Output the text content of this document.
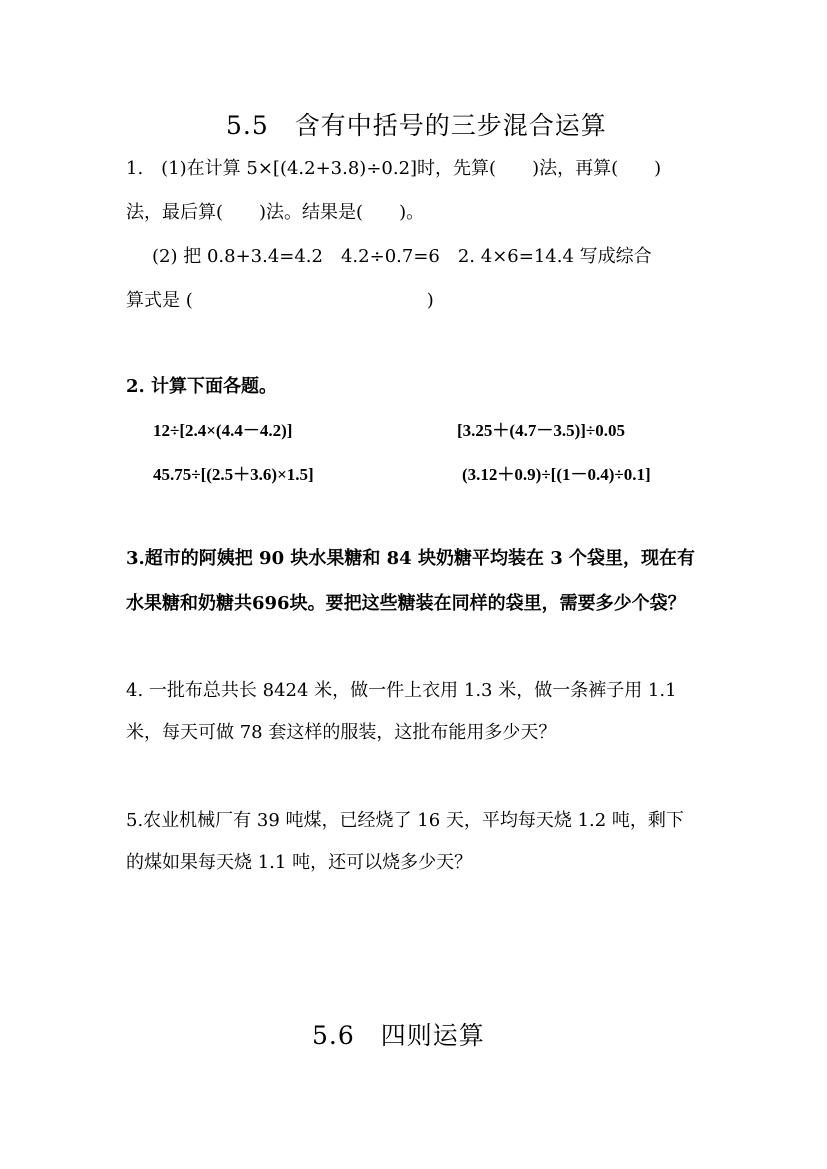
5.5　含有中括号的三步混合运算
1.　(1)在计算 5×[(4.2+3.8)÷0.2]时，先算(　　)法，再算(　　)
法，最后算(　　)法。结果是(　　)。
(2) 把 0.8+3.4=4.2　4.2÷0.7=6　2. 4×6=14.4 写成综合
算式是 (　　　　　　　　　　　　　)
2. 计算下面各题。
12÷[2.4×(4.4－4.2)]	[3.25＋(4.7－3.5)]÷0.05
45.75÷[(2.5＋3.6)×1.5]	(3.12＋0.9)÷[(1－0.4)÷0.1]
3.超市的阿姨把 90 块水果糖和 84 块奶糖平均装在 3 个袋里，现在有
水果糖和奶糖共696块。要把这些糖装在同样的袋里，需要多少个袋？
4. 一批布总共长 8424 米，做一件上衣用 1.3 米，做一条裤子用 1.1
米，每天可做 78 套这样的服装，这批布能用多少天？
5.农业机械厂有 39 吨煤，已经烧了 16 天，平均每天烧 1.2 吨，剩下
的煤如果每天烧 1.1 吨，还可以烧多少天？
5.6　四则运算
